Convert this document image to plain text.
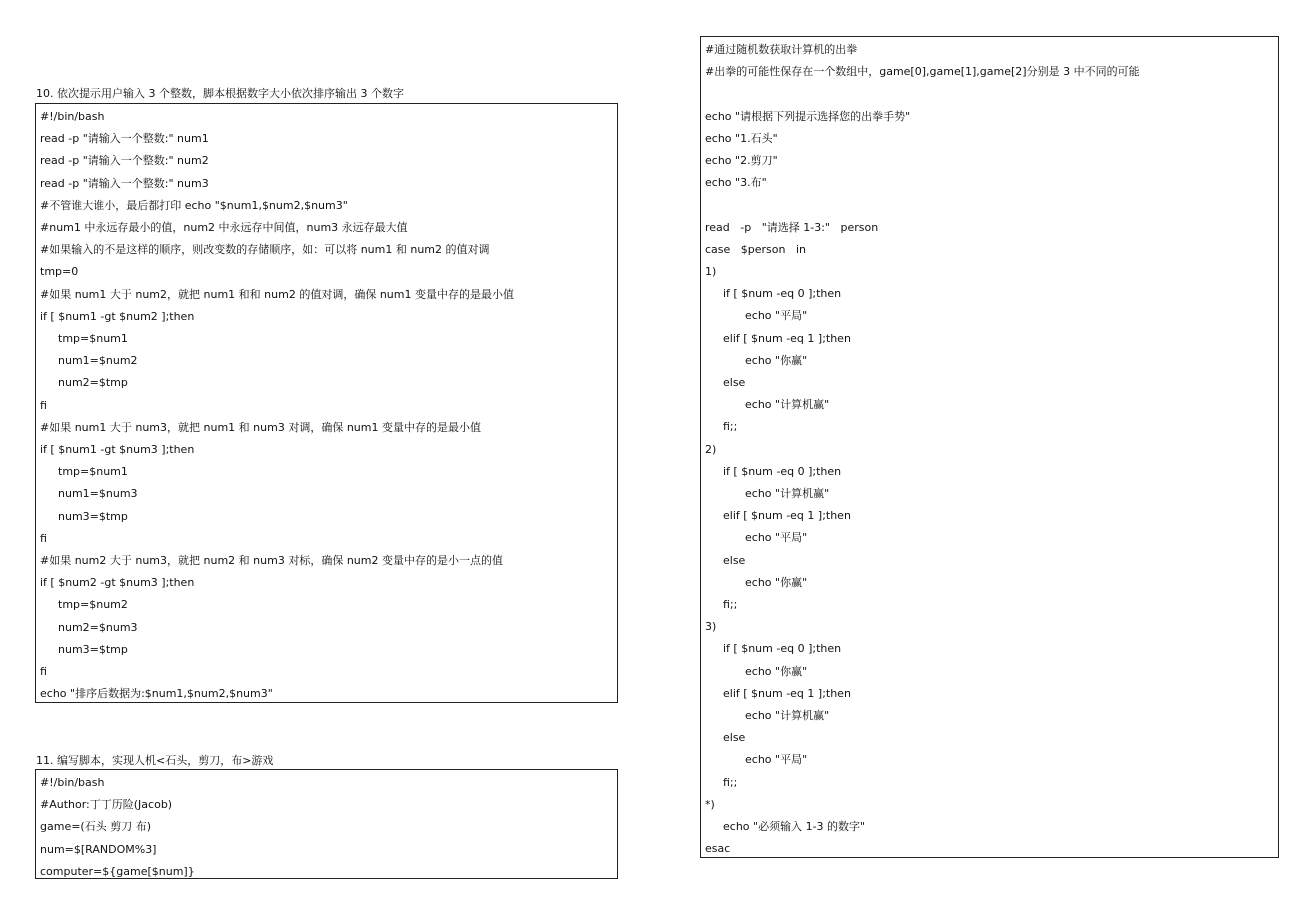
10. 依次提示用户输入 3 个整数，脚本根据数字大小依次排序输出 3 个数字
#!/bin/bash
read -p "请输入一个整数:" num1
read -p "请输入一个整数:" num2
read -p "请输入一个整数:" num3
#不管谁大谁小，最后都打印 echo "$num1,$num2,$num3"
#num1 中永远存最小的值，num2 中永远存中间值，num3 永远存最大值
#如果输入的不是这样的顺序，则改变数的存储顺序，如：可以将 num1 和 num2 的值对调
tmp=0
#如果 num1 大于 num2，就把 num1 和和 num2 的值对调，确保 num1 变量中存的是最小值
if [ $num1 -gt $num2 ];then
tmp=$num1
num1=$num2
num2=$tmp
fi
#如果 num1 大于 num3，就把 num1 和 num3 对调，确保 num1 变量中存的是最小值
if [ $num1 -gt $num3 ];then
tmp=$num1
num1=$num3
num3=$tmp
fi
#如果 num2 大于 num3，就把 num2 和 num3 对标，确保 num2 变量中存的是小一点的值
if [ $num2 -gt $num3 ];then
tmp=$num2
num2=$num3
num3=$tmp
fi
echo "排序后数据为:$num1,$num2,$num3"
11. 编写脚本，实现人机<石头，剪刀，布>游戏
#!/bin/bash
#Author:丁丁历险(Jacob)
game=(石头 剪刀 布)
num=$[RANDOM%3]
computer=${game[$num]}
#通过随机数获取计算机的出拳
#出拳的可能性保存在一个数组中，game[0],game[1],game[2]分别是 3 中不同的可能
echo "请根据下列提示选择您的出拳手势"
echo "1.石头"
echo "2.剪刀"
echo "3.布"
read   -p   "请选择 1-3:"   person
case   $person   in
1)
if [ $num -eq 0 ];then
echo "平局"
elif [ $num -eq 1 ];then
echo "你赢"
else
echo "计算机赢"
fi;;
2)
if [ $num -eq 0 ];then
echo "计算机赢"
elif [ $num -eq 1 ];then
echo "平局"
else
echo "你赢"
fi;;
3)
if [ $num -eq 0 ];then
echo "你赢"
elif [ $num -eq 1 ];then
echo "计算机赢"
else
echo "平局"
fi;;
*)
echo "必须输入 1-3 的数字"
esac
